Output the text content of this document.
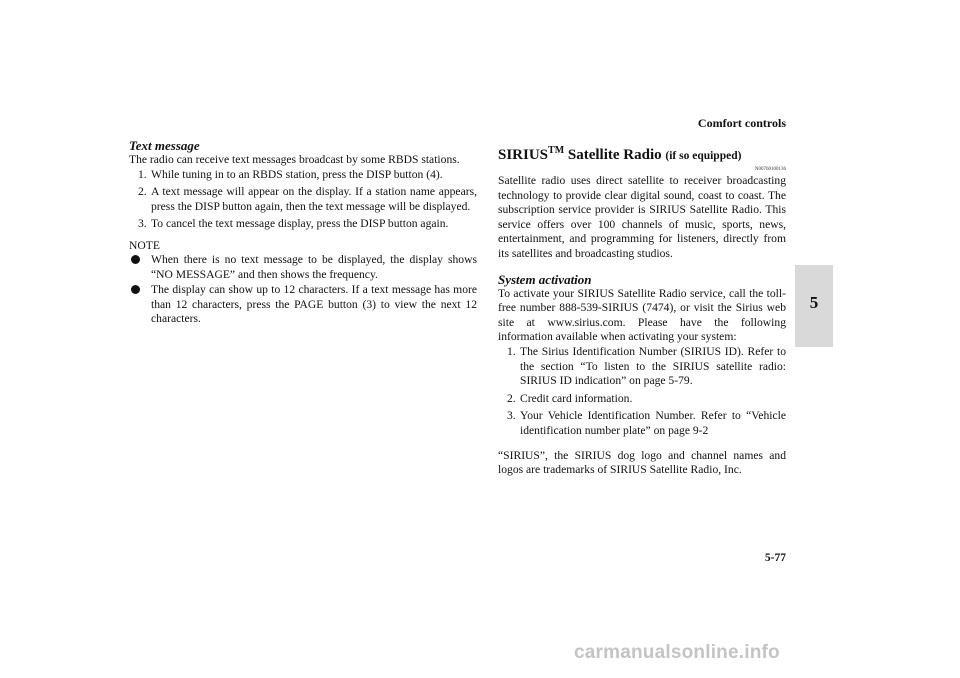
Comfort controls
Text message

The radio can receive text messages broadcast by some RBDS stations.

1. While tuning in to an RBDS station, press the DISP button (4).
2. A text message will appear on the display. If a station name appears, press the DISP button again, then the text message will be displayed.
3. To cancel the text message display, press the DISP button again.
NOTE
When there is no text message to be displayed, the display shows “NO MESSAGE” and then shows the frequency.
The display can show up to 12 characters. If a text message has more than 12 characters, press the PAGE button (3) to view the next 12 characters.
SIRIUS™ Satellite Radio (if so equipped)
N00760100136

Satellite radio uses direct satellite to receiver broadcasting technology to provide clear digital sound, coast to coast. The subscription service provider is SIRIUS Satellite Radio. This service offers over 100 channels of music, sports, news, entertainment, and programming for listeners, directly from its satellites and broadcasting studios.

System activation

To activate your SIRIUS Satellite Radio service, call the toll-free number 888-539-SIRIUS (7474), or visit the Sirius web site at www.sirius.com. Please have the following information available when activating your system:

1. The Sirius Identification Number (SIRIUS ID). Refer to the section “To listen to the SIRIUS satellite radio: SIRIUS ID indication” on page 5-79.
2. Credit card information.
3. Your Vehicle Identification Number. Refer to “Vehicle identification number plate” on page 9-2

“SIRIUS”, the SIRIUS dog logo and channel names and logos are trademarks of SIRIUS Satellite Radio, Inc.

5
5-77
carmanualsonline.info
